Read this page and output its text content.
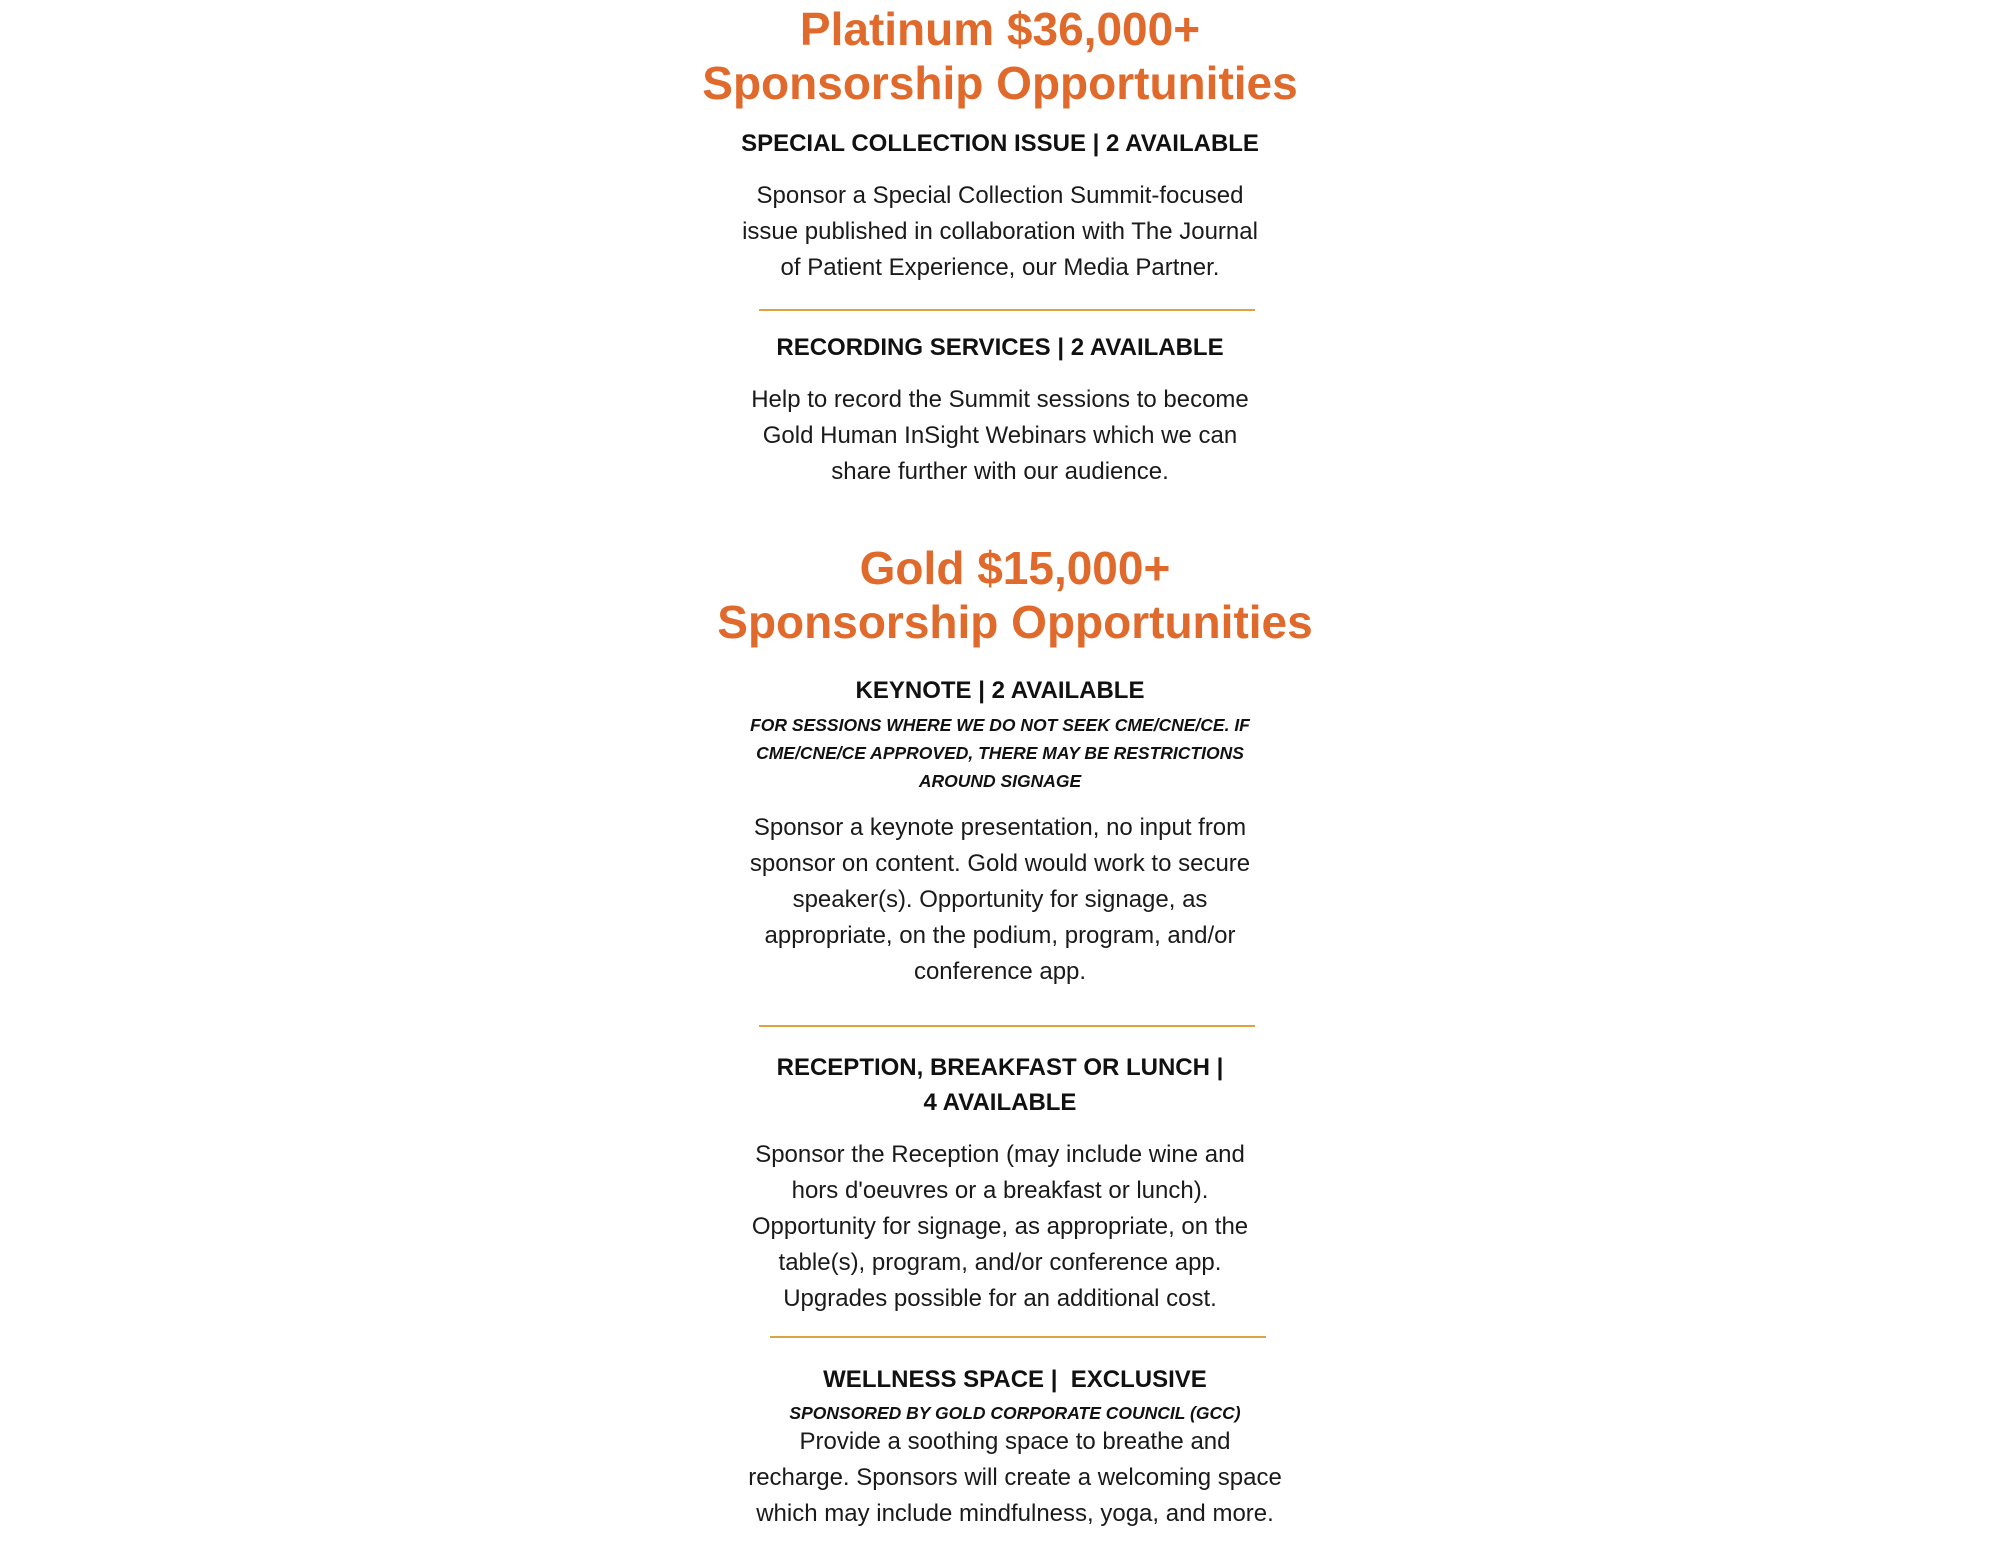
Platinum $36,000+
Sponsorship Opportunities
SPECIAL COLLECTION ISSUE | 2 AVAILABLE

Sponsor a Special Collection Summit-focused
issue published in collaboration with The Journal
of Patient Experience, our Media Partner.

RECORDING SERVICES | 2 AVAILABLE

Help to record the Summit sessions to become
Gold Human InSight Webinars which we can
share further with our audience.

Gold $15,000+
Sponsorship Opportunities
KEYNOTE | 2 AVAILABLE

FOR SESSIONS WHERE WE DO NOT SEEK CME/CNE/CE. IF
CME/CNE/CE APPROVED, THERE MAY BE RESTRICTIONS
AROUND SIGNAGE

Sponsor a keynote presentation, no input from
sponsor on content. Gold would work to secure
speaker(s). Opportunity for signage, as
appropriate, on the podium, program, and/or
conference app.

RECEPTION, BREAKFAST OR LUNCH |
4 AVAILABLE

Sponsor the Reception (may include wine and
hors d'oeuvres or a breakfast or lunch).
Opportunity for signage, as appropriate, on the
table(s), program, and/or conference app.
Upgrades possible for an additional cost.

WELLNESS SPACE |  EXCLUSIVE

SPONSORED BY GOLD CORPORATE COUNCIL (GCC)

Provide a soothing space to breathe and
recharge. Sponsors will create a welcoming space
which may include mindfulness, yoga, and more.
